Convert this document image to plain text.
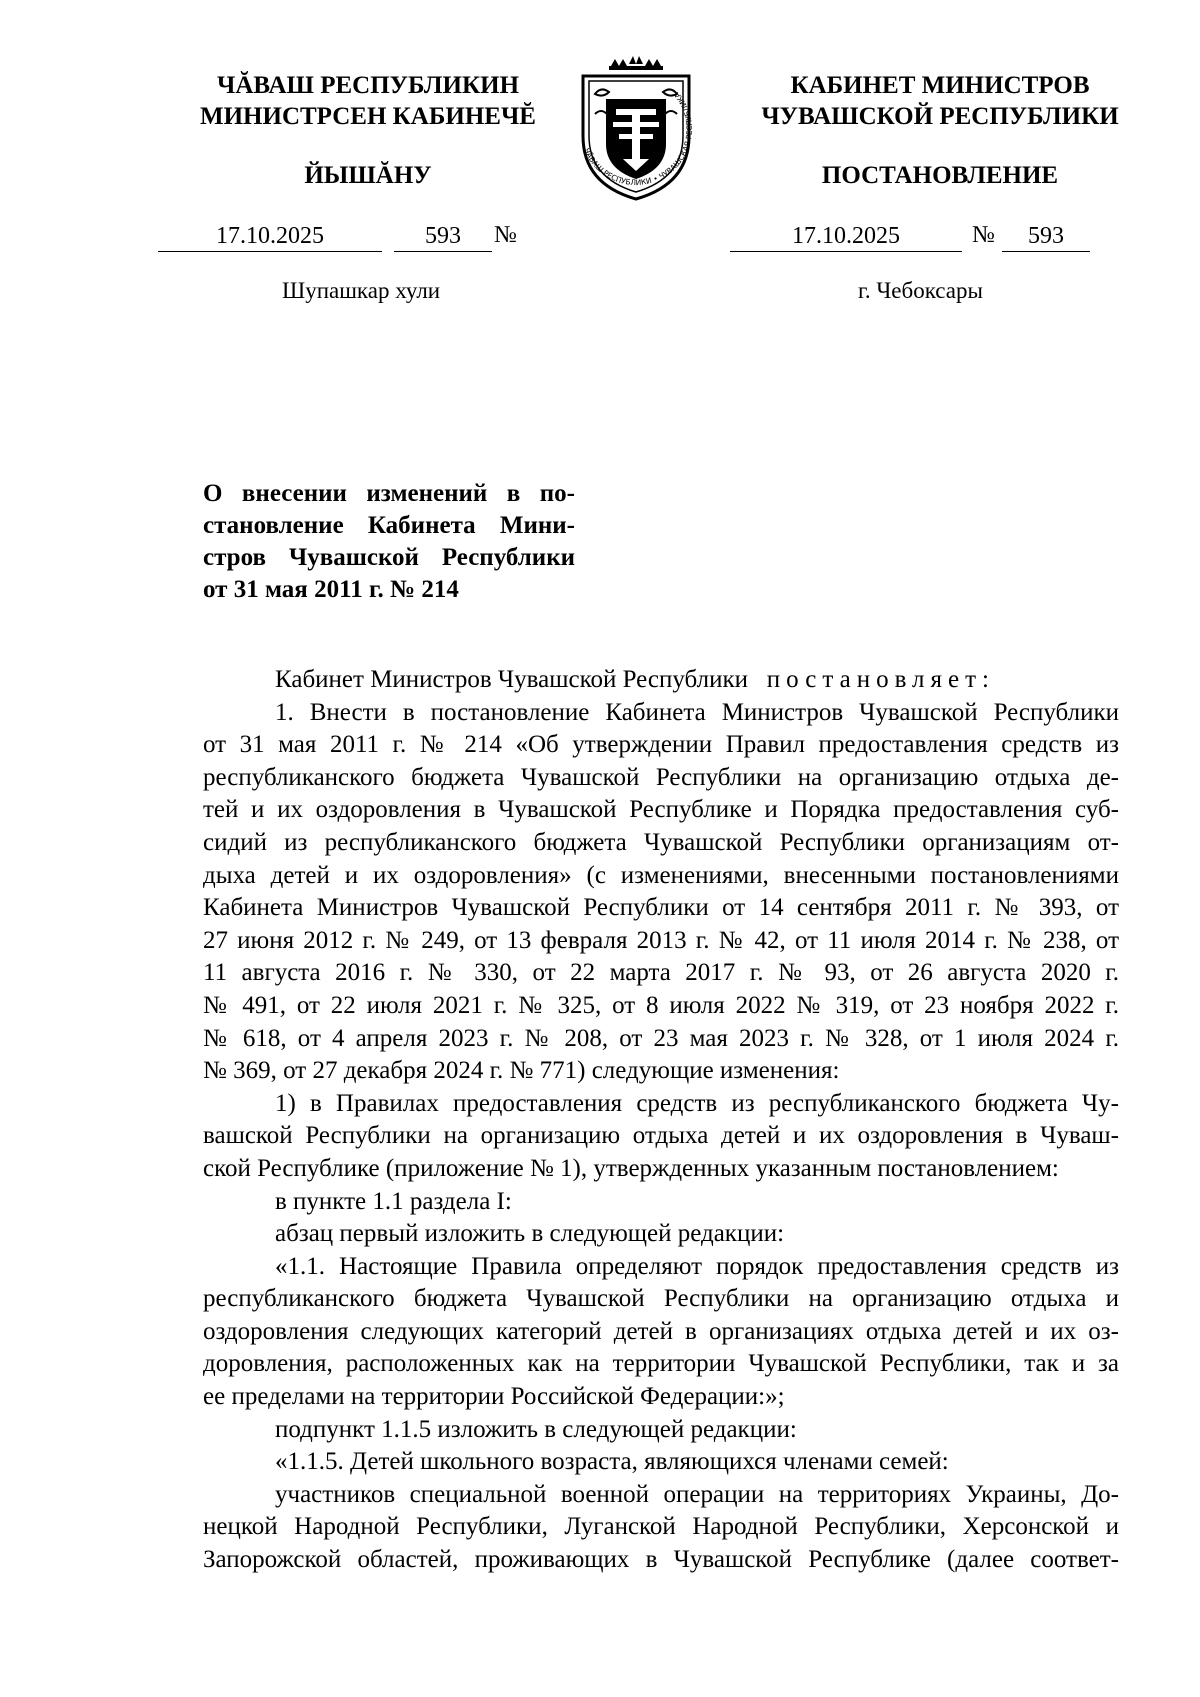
ЧĂВАШ РЕСПУБЛИКИН
МИНИСТРСЕН КАБИНЕЧĔ
ЙЫШĂНУ
КАБИНЕТ МИНИСТРОВ
ЧУВАШСКОЙ РЕСПУБЛИКИ
ПОСТАНОВЛЕНИЕ
ЧĂВАШ РЕСПУБЛИКИ • ЧУВАШСКАЯ РЕСПУБЛИКА
17.10.2025	593	№	17.10.2025	№	593
Шупашкар хули	г. Чебоксары
О внесении изменений в по-
становление Кабинета Мини-
стров Чувашской Республики
от 31 мая 2011 г. № 214
Кабинет Министров Чувашской Республики постановляет:
1. Внести в постановление Кабинета Министров Чувашской Республики
от 31 мая 2011 г. № 214 «Об утверждении Правил предоставления средств из
республиканского бюджета Чувашской Республики на организацию отдыха де-
тей и их оздоровления в Чувашской Республике и Порядка предоставления суб-
сидий из республиканского бюджета Чувашской Республики организациям от-
дыха детей и их оздоровления» (с изменениями, внесенными постановлениями
Кабинета Министров Чувашской Республики от 14 сентября 2011 г. № 393, от
27 июня 2012 г. № 249, от 13 февраля 2013 г. № 42, от 11 июля 2014 г. № 238, от
11 августа 2016 г. № 330, от 22 марта 2017 г. № 93, от 26 августа 2020 г.
№ 491, от 22 июля 2021 г. № 325, от 8 июля 2022 № 319, от 23 ноября 2022 г.
№ 618, от 4 апреля 2023 г. № 208, от 23 мая 2023 г. № 328, от 1 июля 2024 г.
№ 369, от 27 декабря 2024 г. № 771) следующие изменения:
1) в Правилах предоставления средств из республиканского бюджета Чу-
вашской Республики на организацию отдыха детей и их оздоровления в Чуваш-
ской Республике (приложение № 1), утвержденных указанным постановлением:
в пункте 1.1 раздела I:
абзац первый изложить в следующей редакции:
«1.1. Настоящие Правила определяют порядок предоставления средств из
республиканского бюджета Чувашской Республики на организацию отдыха и
оздоровления следующих категорий детей в организациях отдыха детей и их оз-
доровления, расположенных как на территории Чувашской Республики, так и за
ее пределами на территории Российской Федерации:»;
подпункт 1.1.5 изложить в следующей редакции:
«1.1.5. Детей школьного возраста, являющихся членами семей:
участников специальной военной операции на территориях Украины, До-
нецкой Народной Республики, Луганской Народной Республики, Херсонской и
Запорожской областей, проживающих в Чувашской Республике (далее соответ-
